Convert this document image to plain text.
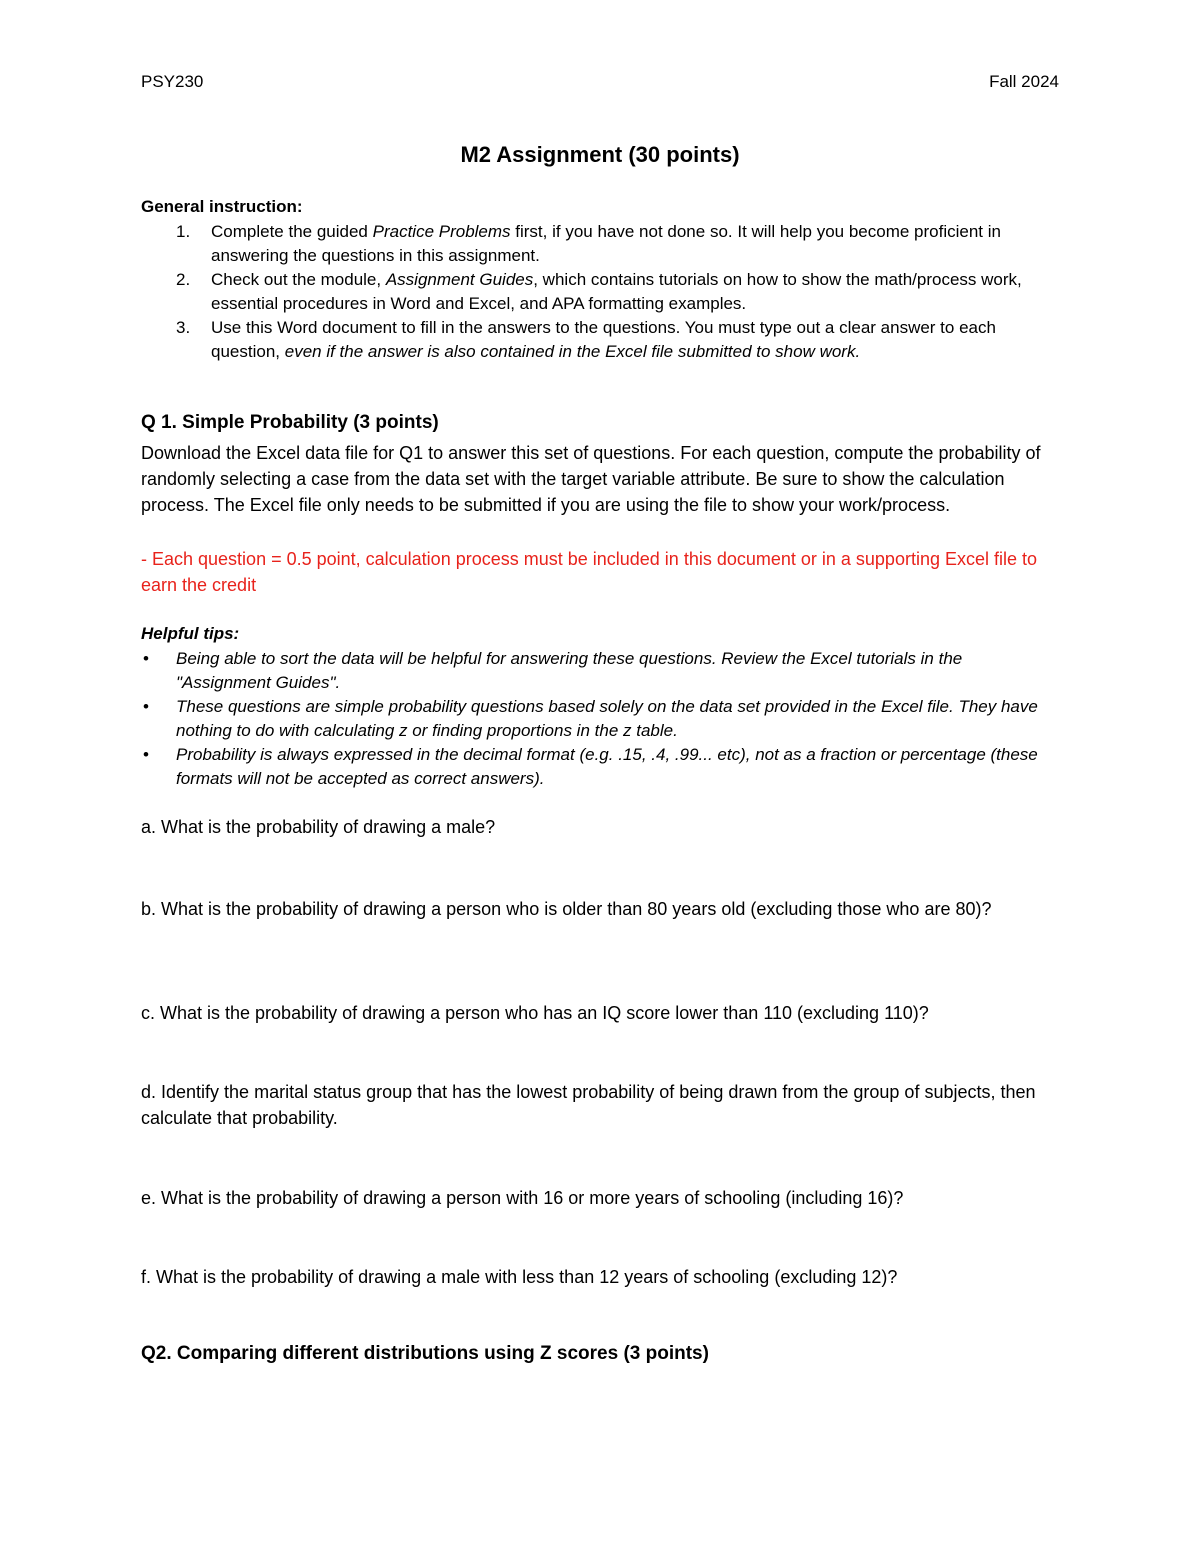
PSY230	Fall 2024
M2 Assignment (30 points)
General instruction:
1. Complete the guided Practice Problems first, if you have not done so. It will help you become proficient in answering the questions in this assignment.
2. Check out the module, Assignment Guides, which contains tutorials on how to show the math/process work, essential procedures in Word and Excel, and APA formatting examples.
3. Use this Word document to fill in the answers to the questions. You must type out a clear answer to each question, even if the answer is also contained in the Excel file submitted to show work.
Q 1. Simple Probability (3 points)

Download the Excel data file for Q1 to answer this set of questions. For each question, compute the probability of randomly selecting a case from the data set with the target variable attribute. Be sure to show the calculation process. The Excel file only needs to be submitted if you are using the file to show your work/process.

- Each question = 0.5 point, calculation process must be included in this document or in a supporting Excel file to earn the credit

Helpful tips:
• Being able to sort the data will be helpful for answering these questions. Review the Excel tutorials in the "Assignment Guides".
• These questions are simple probability questions based solely on the data set provided in the Excel file. They have nothing to do with calculating z or finding proportions in the z table.
• Probability is always expressed in the decimal format (e.g. .15, .4, .99... etc), not as a fraction or percentage (these formats will not be accepted as correct answers).

a. What is the probability of drawing a male?

b. What is the probability of drawing a person who is older than 80 years old (excluding those who are 80)?

c. What is the probability of drawing a person who has an IQ score lower than 110 (excluding 110)?

d. Identify the marital status group that has the lowest probability of being drawn from the group of subjects, then calculate that probability.

e. What is the probability of drawing a person with 16 or more years of schooling (including 16)?

f. What is the probability of drawing a male with less than 12 years of schooling (excluding 12)?

Q2. Comparing different distributions using Z scores (3 points)
